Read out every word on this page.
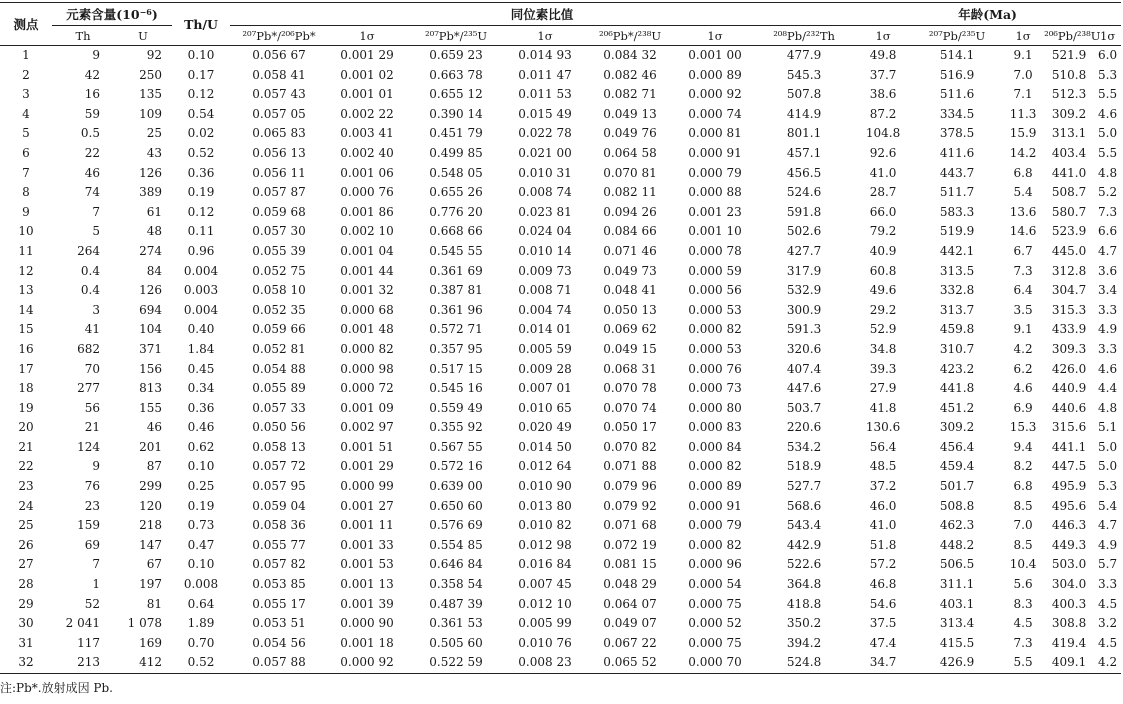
测点	元素含量$(10^{-6})$		Th/U	同位素比值							年龄(Ma)				
	Th	U		²⁰⁷Pb*/²⁰⁶Pb*	1σ	²⁰⁷Pb*/²³⁵U	1σ	²⁰⁶Pb*/²³⁸U	1σ	²⁰⁸Pb/²³²Th	1σ	²⁰⁷Pb/²³⁵U	1σ	²⁰⁶Pb/²³⁸U	1σ
1	9	92	0.10	0.056 67	0.001 29	0.659 23	0.014 93	0.084 32	0.001 00	477.9	49.8	514.1	9.1	521.9	6.0
2	42	250	0.17	0.058 41	0.001 02	0.663 78	0.011 47	0.082 46	0.000 89	545.3	37.7	516.9	7.0	510.8	5.3
3	16	135	0.12	0.057 43	0.001 01	0.655 12	0.011 53	0.082 71	0.000 92	507.8	38.6	511.6	7.1	512.3	5.5
4	59	109	0.54	0.057 05	0.002 22	0.390 14	0.015 49	0.049 13	0.000 74	414.9	87.2	334.5	11.3	309.2	4.6
5	0.5	25	0.02	0.065 83	0.003 41	0.451 79	0.022 78	0.049 76	0.000 81	801.1	104.8	378.5	15.9	313.1	5.0
6	22	43	0.52	0.056 13	0.002 40	0.499 85	0.021 00	0.064 58	0.000 91	457.1	92.6	411.6	14.2	403.4	5.5
7	46	126	0.36	0.056 11	0.001 06	0.548 05	0.010 31	0.070 81	0.000 79	456.5	41.0	443.7	6.8	441.0	4.8
8	74	389	0.19	0.057 87	0.000 76	0.655 26	0.008 74	0.082 11	0.000 88	524.6	28.7	511.7	5.4	508.7	5.2
9	7	61	0.12	0.059 68	0.001 86	0.776 20	0.023 81	0.094 26	0.001 23	591.8	66.0	583.3	13.6	580.7	7.3
10	5	48	0.11	0.057 30	0.002 10	0.668 66	0.024 04	0.084 66	0.001 10	502.6	79.2	519.9	14.6	523.9	6.6
11	264	274	0.96	0.055 39	0.001 04	0.545 55	0.010 14	0.071 46	0.000 78	427.7	40.9	442.1	6.7	445.0	4.7
12	0.4	84	0.004	0.052 75	0.001 44	0.361 69	0.009 73	0.049 73	0.000 59	317.9	60.8	313.5	7.3	312.8	3.6
13	0.4	126	0.003	0.058 10	0.001 32	0.387 81	0.008 71	0.048 41	0.000 56	532.9	49.6	332.8	6.4	304.7	3.4
14	3	694	0.004	0.052 35	0.000 68	0.361 96	0.004 74	0.050 13	0.000 53	300.9	29.2	313.7	3.5	315.3	3.3
15	41	104	0.40	0.059 66	0.001 48	0.572 71	0.014 01	0.069 62	0.000 82	591.3	52.9	459.8	9.1	433.9	4.9
16	682	371	1.84	0.052 81	0.000 82	0.357 95	0.005 59	0.049 15	0.000 53	320.6	34.8	310.7	4.2	309.3	3.3
17	70	156	0.45	0.054 88	0.000 98	0.517 15	0.009 28	0.068 31	0.000 76	407.4	39.3	423.2	6.2	426.0	4.6
18	277	813	0.34	0.055 89	0.000 72	0.545 16	0.007 01	0.070 78	0.000 73	447.6	27.9	441.8	4.6	440.9	4.4
19	56	155	0.36	0.057 33	0.001 09	0.559 49	0.010 65	0.070 74	0.000 80	503.7	41.8	451.2	6.9	440.6	4.8
20	21	46	0.46	0.050 56	0.002 97	0.355 92	0.020 49	0.050 17	0.000 83	220.6	130.6	309.2	15.3	315.6	5.1
21	124	201	0.62	0.058 13	0.001 51	0.567 55	0.014 50	0.070 82	0.000 84	534.2	56.4	456.4	9.4	441.1	5.0
22	9	87	0.10	0.057 72	0.001 29	0.572 16	0.012 64	0.071 88	0.000 82	518.9	48.5	459.4	8.2	447.5	5.0
23	76	299	0.25	0.057 95	0.000 99	0.639 00	0.010 90	0.079 96	0.000 89	527.7	37.2	501.7	6.8	495.9	5.3
24	23	120	0.19	0.059 04	0.001 27	0.650 60	0.013 80	0.079 92	0.000 91	568.6	46.0	508.8	8.5	495.6	5.4
25	159	218	0.73	0.058 36	0.001 11	0.576 69	0.010 82	0.071 68	0.000 79	543.4	41.0	462.3	7.0	446.3	4.7
26	69	147	0.47	0.055 77	0.001 33	0.554 85	0.012 98	0.072 19	0.000 82	442.9	51.8	448.2	8.5	449.3	4.9
27	7	67	0.10	0.057 82	0.001 53	0.646 84	0.016 84	0.081 15	0.000 96	522.6	57.2	506.5	10.4	503.0	5.7
28	1	197	0.008	0.053 85	0.001 13	0.358 54	0.007 45	0.048 29	0.000 54	364.8	46.8	311.1	5.6	304.0	3.3
29	52	81	0.64	0.055 17	0.001 39	0.487 39	0.012 10	0.064 07	0.000 75	418.8	54.6	403.1	8.3	400.3	4.5
30	2 041	1 078	1.89	0.053 51	0.000 90	0.361 53	0.005 99	0.049 07	0.000 52	350.2	37.5	313.4	4.5	308.8	3.2
31	117	169	0.70	0.054 56	0.001 18	0.505 60	0.010 76	0.067 22	0.000 75	394.2	47.4	415.5	7.3	419.4	4.5
32	213	412	0.52	0.057 88	0.000 92	0.522 59	0.008 23	0.065 52	0.000 70	524.8	34.7	426.9	5.5	409.1	4.2
注:Pb*.放射成因 Pb.
